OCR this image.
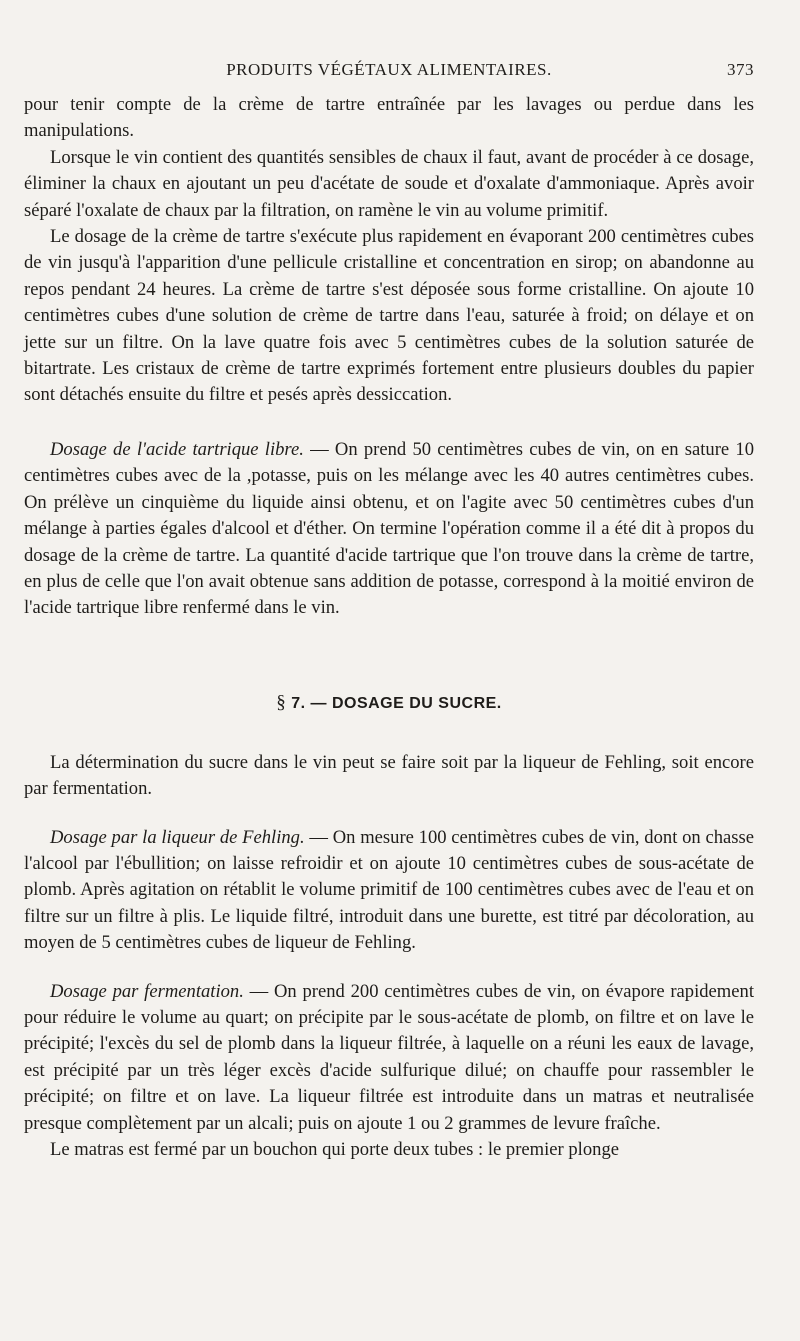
PRODUITS VÉGÉTAUX ALIMENTAIRES.	373

pour tenir compte de la crème de tartre entraînée par les lavages ou perdue dans les manipulations.

Lorsque le vin contient des quantités sensibles de chaux il faut, avant de procéder à ce dosage, éliminer la chaux en ajoutant un peu d'acétate de soude et d'oxalate d'ammoniaque. Après avoir séparé l'oxalate de chaux par la filtration, on ramène le vin au volume primitif.

Le dosage de la crème de tartre s'exécute plus rapidement en évaporant 200 centimètres cubes de vin jusqu'à l'apparition d'une pellicule cristalline et concentration en sirop; on abandonne au repos pendant 24 heures. La crème de tartre s'est déposée sous forme cristalline. On ajoute 10 centimètres cubes d'une solution de crème de tartre dans l'eau, saturée à froid; on délaye et on jette sur un filtre. On la lave quatre fois avec 5 centimètres cubes de la solution saturée de bitartrate. Les cristaux de crème de tartre exprimés fortement entre plusieurs doubles du papier sont détachés ensuite du filtre et pesés après dessiccation.

Dosage de l'acide tartrique libre. — On prend 50 centimètres cubes de vin, on en sature 10 centimètres cubes avec de la ,potasse, puis on les mélange avec les 40 autres centimètres cubes. On prélève un cinquième du liquide ainsi obtenu, et on l'agite avec 50 centimètres cubes d'un mélange à parties égales d'alcool et d'éther. On termine l'opération comme il a été dit à propos du dosage de la crème de tartre. La quantité d'acide tartrique que l'on trouve dans la crème de tartre, en plus de celle que l'on avait obtenue sans addition de potasse, correspond à la moitié environ de l'acide tartrique libre renfermé dans le vin.

§ 7. — DOSAGE DU SUCRE.

La détermination du sucre dans le vin peut se faire soit par la liqueur de Fehling, soit encore par fermentation.

Dosage par la liqueur de Fehling. — On mesure 100 centimètres cubes de vin, dont on chasse l'alcool par l'ébullition; on laisse refroidir et on ajoute 10 centimètres cubes de sous-acétate de plomb. Après agitation on rétablit le volume primitif de 100 centimètres cubes avec de l'eau et on filtre sur un filtre à plis. Le liquide filtré, introduit dans une burette, est titré par décoloration, au moyen de 5 centimètres cubes de liqueur de Fehling.

Dosage par fermentation. — On prend 200 centimètres cubes de vin, on évapore rapidement pour réduire le volume au quart; on précipite par le sous-acétate de plomb, on filtre et on lave le précipité; l'excès du sel de plomb dans la liqueur filtrée, à laquelle on a réuni les eaux de lavage, est précipité par un très léger excès d'acide sulfurique dilué; on chauffe pour rassembler le précipité; on filtre et on lave. La liqueur filtrée est introduite dans un matras et neutralisée presque complètement par un alcali; puis on ajoute 1 ou 2 grammes de levure fraîche.

Le matras est fermé par un bouchon qui porte deux tubes : le premier plonge
